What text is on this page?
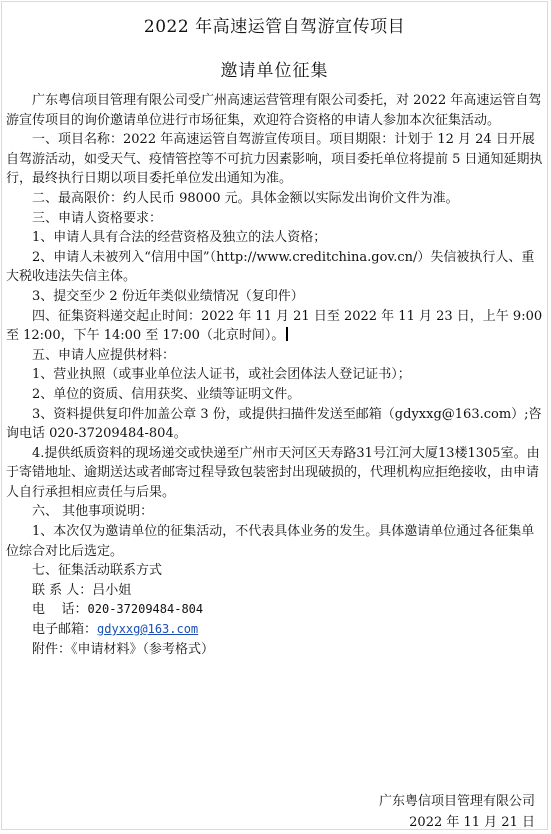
2022 年高速运管自驾游宣传项目
邀请单位征集

广东粤信项目管理有限公司受广州高速运营管理有限公司委托，对 2022 年高速运管自驾游宣传项目的询价邀请单位进行市场征集，欢迎符合资格的申请人参加本次征集活动。

一、项目名称：2022 年高速运管自驾游宣传项目。项目期限：计划于 12 月 24 日开展自驾游活动，如受天气、疫情管控等不可抗力因素影响，项目委托单位将提前 5 日通知延期执行，最终执行日期以项目委托单位发出通知为准。

二、最高限价：约人民币 98000 元。具体金额以实际发出询价文件为准。

三、申请人资格要求：

1、申请人具有合法的经营资格及独立的法人资格；

2、申请人未被列入“信用中国”（http://www.creditchina.gov.cn/）失信被执行人、重大税收违法失信主体。

3、提交至少 2 份近年类似业绩情况（复印件）

四、征集资料递交起止时间：2022 年 11 月 21 日至 2022 年 11 月 23 日，上午 9:00 至 12:00，下午 14:00 至 17:00（北京时间）。

五、申请人应提供材料：

1、营业执照（或事业单位法人证书，或社会团体法人登记证书）；

2、单位的资质、信用获奖、业绩等证明文件。

3、资料提供复印件加盖公章 3 份，或提供扫描件发送至邮箱（gdyxxg@163.com）;咨询电话 020-37209484-804。

4.提供纸质资料的现场递交或快递至广州市天河区天寿路31号江河大厦13楼1305室。由于寄错地址、逾期送达或者邮寄过程导致包装密封出现破损的，代理机构应拒绝接收，由申请人自行承担相应责任与后果。

六、 其他事项说明：

1、本次仅为邀请单位的征集活动，不代表具体业务的发生。具体邀请单位通过各征集单位综合对比后选定。

七、征集活动联系方式

联 系 人：吕小姐

电    话：020-37209484-804

电子邮箱：gdyxxg@163.com

附件：《申请材料》（参考格式）

广东粤信项目管理有限公司
2022 年 11 月 21 日
